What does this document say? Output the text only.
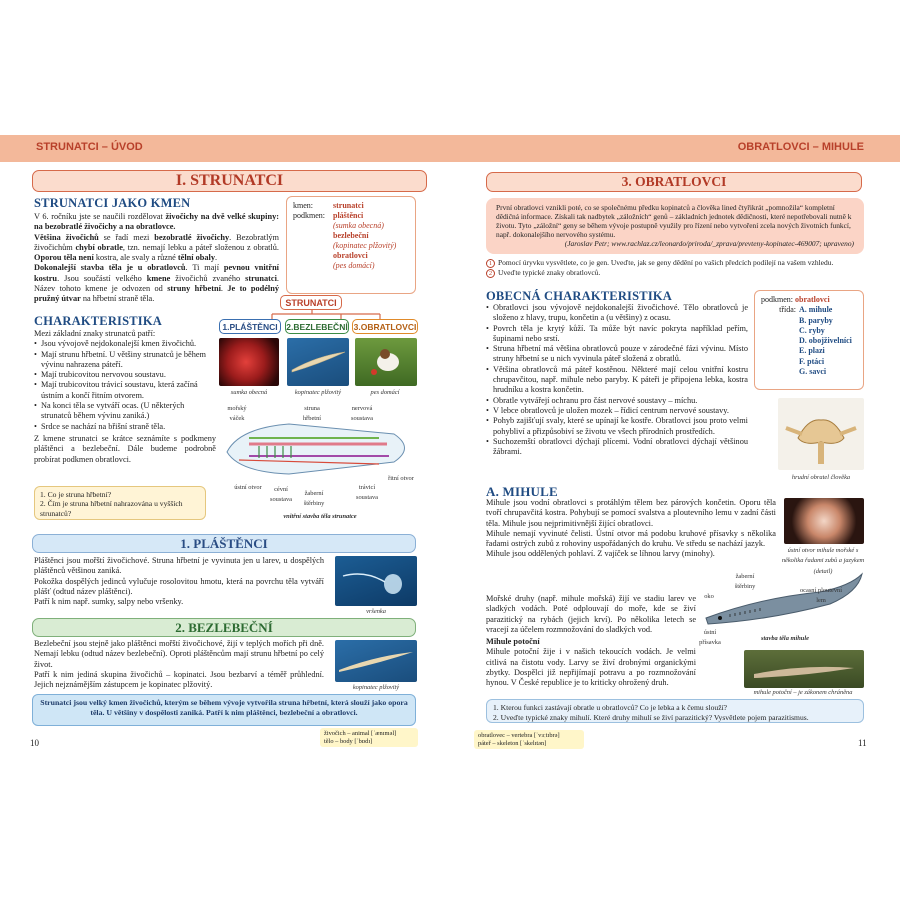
STRUNATCI – ÚVOD	OBRATLOVCI – MIHULE
I. STRUNATCI
STRUNATCI JAKO KMEN
V 6. ročníku jste se naučili rozdělovat živočichy na dvě velké skupiny: na bezobratlé živočichy a na obratlovce.
Většina živočichů se řadí mezi bezobratlé živočichy. Bezobratlým živočichům chybí obratle, tzn. nemají lebku a páteř složenou z obratlů. Oporou těla není kostra, ale svaly a různé tělní obaly.
Dokonalejší stavba těla je u obratlovců. Ti mají pevnou vnitřní kostru. Jsou součástí velkého kmene živočichů zvaného strunatci. Název tohoto kmene je odvozen od struny hřbetní. Je to podélný pružný útvar na hřbetní straně těla.
kmen:	strunatci
podkmen: pláštěnci
(sumka obecná)
bezlebeční
(kopinatec plžovitý)
obratlovci
(pes domácí)
STRUNATCI
1.PLÁŠTĚNCI	2.BEZLEBEČNÍ 3.OBRATLOVCI
CHARAKTERISTIKA
Mezi základní znaky strunatců patří:
• Jsou vývojově nejdokonalejší kmen živočichů.
• Mají strunu hřbetní. U většiny strunatců je během vývinu nahrazena páteří.
• Mají trubicovitou nervovou soustavu.
• Mají trubicovitou trávicí soustavu, která začíná ústním a končí řitním otvorem.
• Na konci těla se vytváří ocas. (U některých strunatců během vývinu zaniká.)
• Srdce se nachází na břišní straně těla.
Z kmene strunatci se krátce seznámíte s podkmeny pláštěnci a bezlebeční. Dále budeme podrobně probírat podkmen obratlovci.
1. Co je struna hřbetní?
2. Čím je struna hřbetní nahrazována u vyšších strunatců?
sumka obecná	kopinatec plžovitý	pes domácí
mořský váček
struna hřbetní
nervová soustava
ústní otvor	cévní soustava
žaberní štěrbiny
trávicí soustava
řitní otvor
vnitřní stavba těla strunatce
1. PLÁŠTĚNCI
Pláštěnci jsou mořští živočichové. Struna hřbetní je vyvinuta jen u larev, u dospělých pláštěnců většinou zaniká.
Pokožka dospělých jedinců vylučuje rosolovitou hmotu, která na povrchu těla vytváří plášť (odtud název pláštěnci).
Patří k nim např. sumky, salpy nebo vršenky.
vršenka
2. BEZLEBEČNÍ
Bezlebeční jsou stejně jako pláštěnci mořští živočichové, žijí v teplých mořích při dně. Nemají lebku (odtud název bezlebeční). Oproti pláštěncům mají strunu hřbetní po celý život.
Patří k nim jediná skupina živočichů – kopinatci. Jsou bezbarví a téměř průhlední. Jejich nejznámějším zástupcem je kopinatec plžovitý.	kopinatec plžovitý
Strunatci jsou velký kmen živočichů, kterým se během vývoje vytvořila struna hřbetní, která slouží jako opora těla. U většiny v dospělosti zaniká. Patří k nim pláštěnci, bezlebeční a obratlovci.
10
živočich – animal [ˈænɪməl]
tělo – body [ˈbɒdɪ]
3. OBRATLOVCI
První obratlovci vznikli poté, co se společnému předku kopinatců a člověka lined čtyřikrát „pomnožila“ kompletní dědičná informace. Získali tak nadbytek „záložních“ genů – základních jednotek dědičnosti, které nepotřebovali nutně k životu. Tyto „záložní“ geny se během vývoje postupně využily pro řízení nebo vytvoření zcela nových životních funkcí, např. dokonalejšího nervového systému.
(Jaroslav Petr; www.rachlaz.cz/leonardo/priroda/_zprava/prevteny-kopinatec-469007; upraveno)
1 Pomocí úryvku vysvětlete, co je gen. Uveďte, jak se geny dědění po vašich předcích podílejí na vašem vzhledu.
2 Uveďte typické znaky obratlovců.
OBECNÁ CHARAKTERISTIKA
• Obratlovci jsou vývojově nejdokonalejší živočichové. Tělo obratlovců je složeno z hlavy, trupu, končetin a (u většiny) z ocasu.
• Povrch těla je krytý kůží. Ta může být navíc pokryta například peřím, šupinami nebo srstí.
• Struna hřbetní má většina obratlovců pouze v zárodečné fázi vývinu. Místo struny hřbetní se u nich vyvinula páteř složená z obratlů.
• Většina obratlovců má páteř kostěnou. Některé mají celou vnitřní kostru chrupavčitou, např. mihule nebo paryby. K páteři je připojena lebka, kostra hrudníku a kostra končetin.
• Obratle vytvářejí ochranu pro část nervové soustavy – míchu.
• V lebce obratlovců je uložen mozek – řídicí centrum nervové soustavy.
• Pohyb zajišťují svaly, které se upínají ke kostře. Obratlovci jsou proto velmi pohybliví a přizpůsobiví se životu ve všech přírodních prostředích.
• Suchozemští obratlovci dýchají plícemi. Vodní obratlovci dýchají většinou žábrami.
podkmen: obratlovci
třída: A. mihule
B. paryby
C. ryby
D. obojživelníci
E. plazi
F. ptáci
G. savci
hrudní obratel člověka
A. MIHULE
Mihule jsou vodní obratlovci s protáhlým tělem bez párových končetin. Oporu těla tvoří chrupavčitá kostra. Pohybují se pomocí svalstva a ploutevního lemu v zadní části těla. Mihule jsou nejprimitivnější žijící obratlovci.
Mihule nemají vyvinuté čelisti. Ústní otvor má podobu kruhové přísavky s několika řadami ostrých zubů z rohoviny uspořádaných do kruhu. Ve středu se nachází jazyk.
Mihule jsou oddělených pohlaví. Z vajíček se líhnou larvy (minohy).
Mořské druhy (např. mihule mořská) žijí ve stadiu larev ve sladkých vodách. Poté odplouvají do moře, kde se živí parazitický na rybách (jejich krví). Po několika letech se vracejí za účelem rozmnožování do sladkých vod.
Mihule potoční
Mihule potoční žije i v našich tekoucích vodách. Je velmi citlivá na čistotu vody. Larvy se živí drobnými organickými zbytky. Dospělci již nepřijímají potravu a po rozmnožování hynou. V České republice je to kriticky ohrožený druh.
ústní otvor mihule mořské s několika řadami zubů a jazykem (detail)
žaberní štěrbiny
oko
ocasní ploutevní lem
ústní přísavka
stavba těla mihule
mihule potoční – je zákonem chráněna
1. Kterou funkci zastávají obratle u obratlovců? Co je lebka a k čemu slouží?
2. Uveďte typické znaky mihulí. Které druhy mihulí se živí parazitický? Vysvětlete pojem parazitismus.
obratlovec – vertebra [ˈvɜːtɪbrə]
páteř – skeleton [ˈskelɪtən]	11
